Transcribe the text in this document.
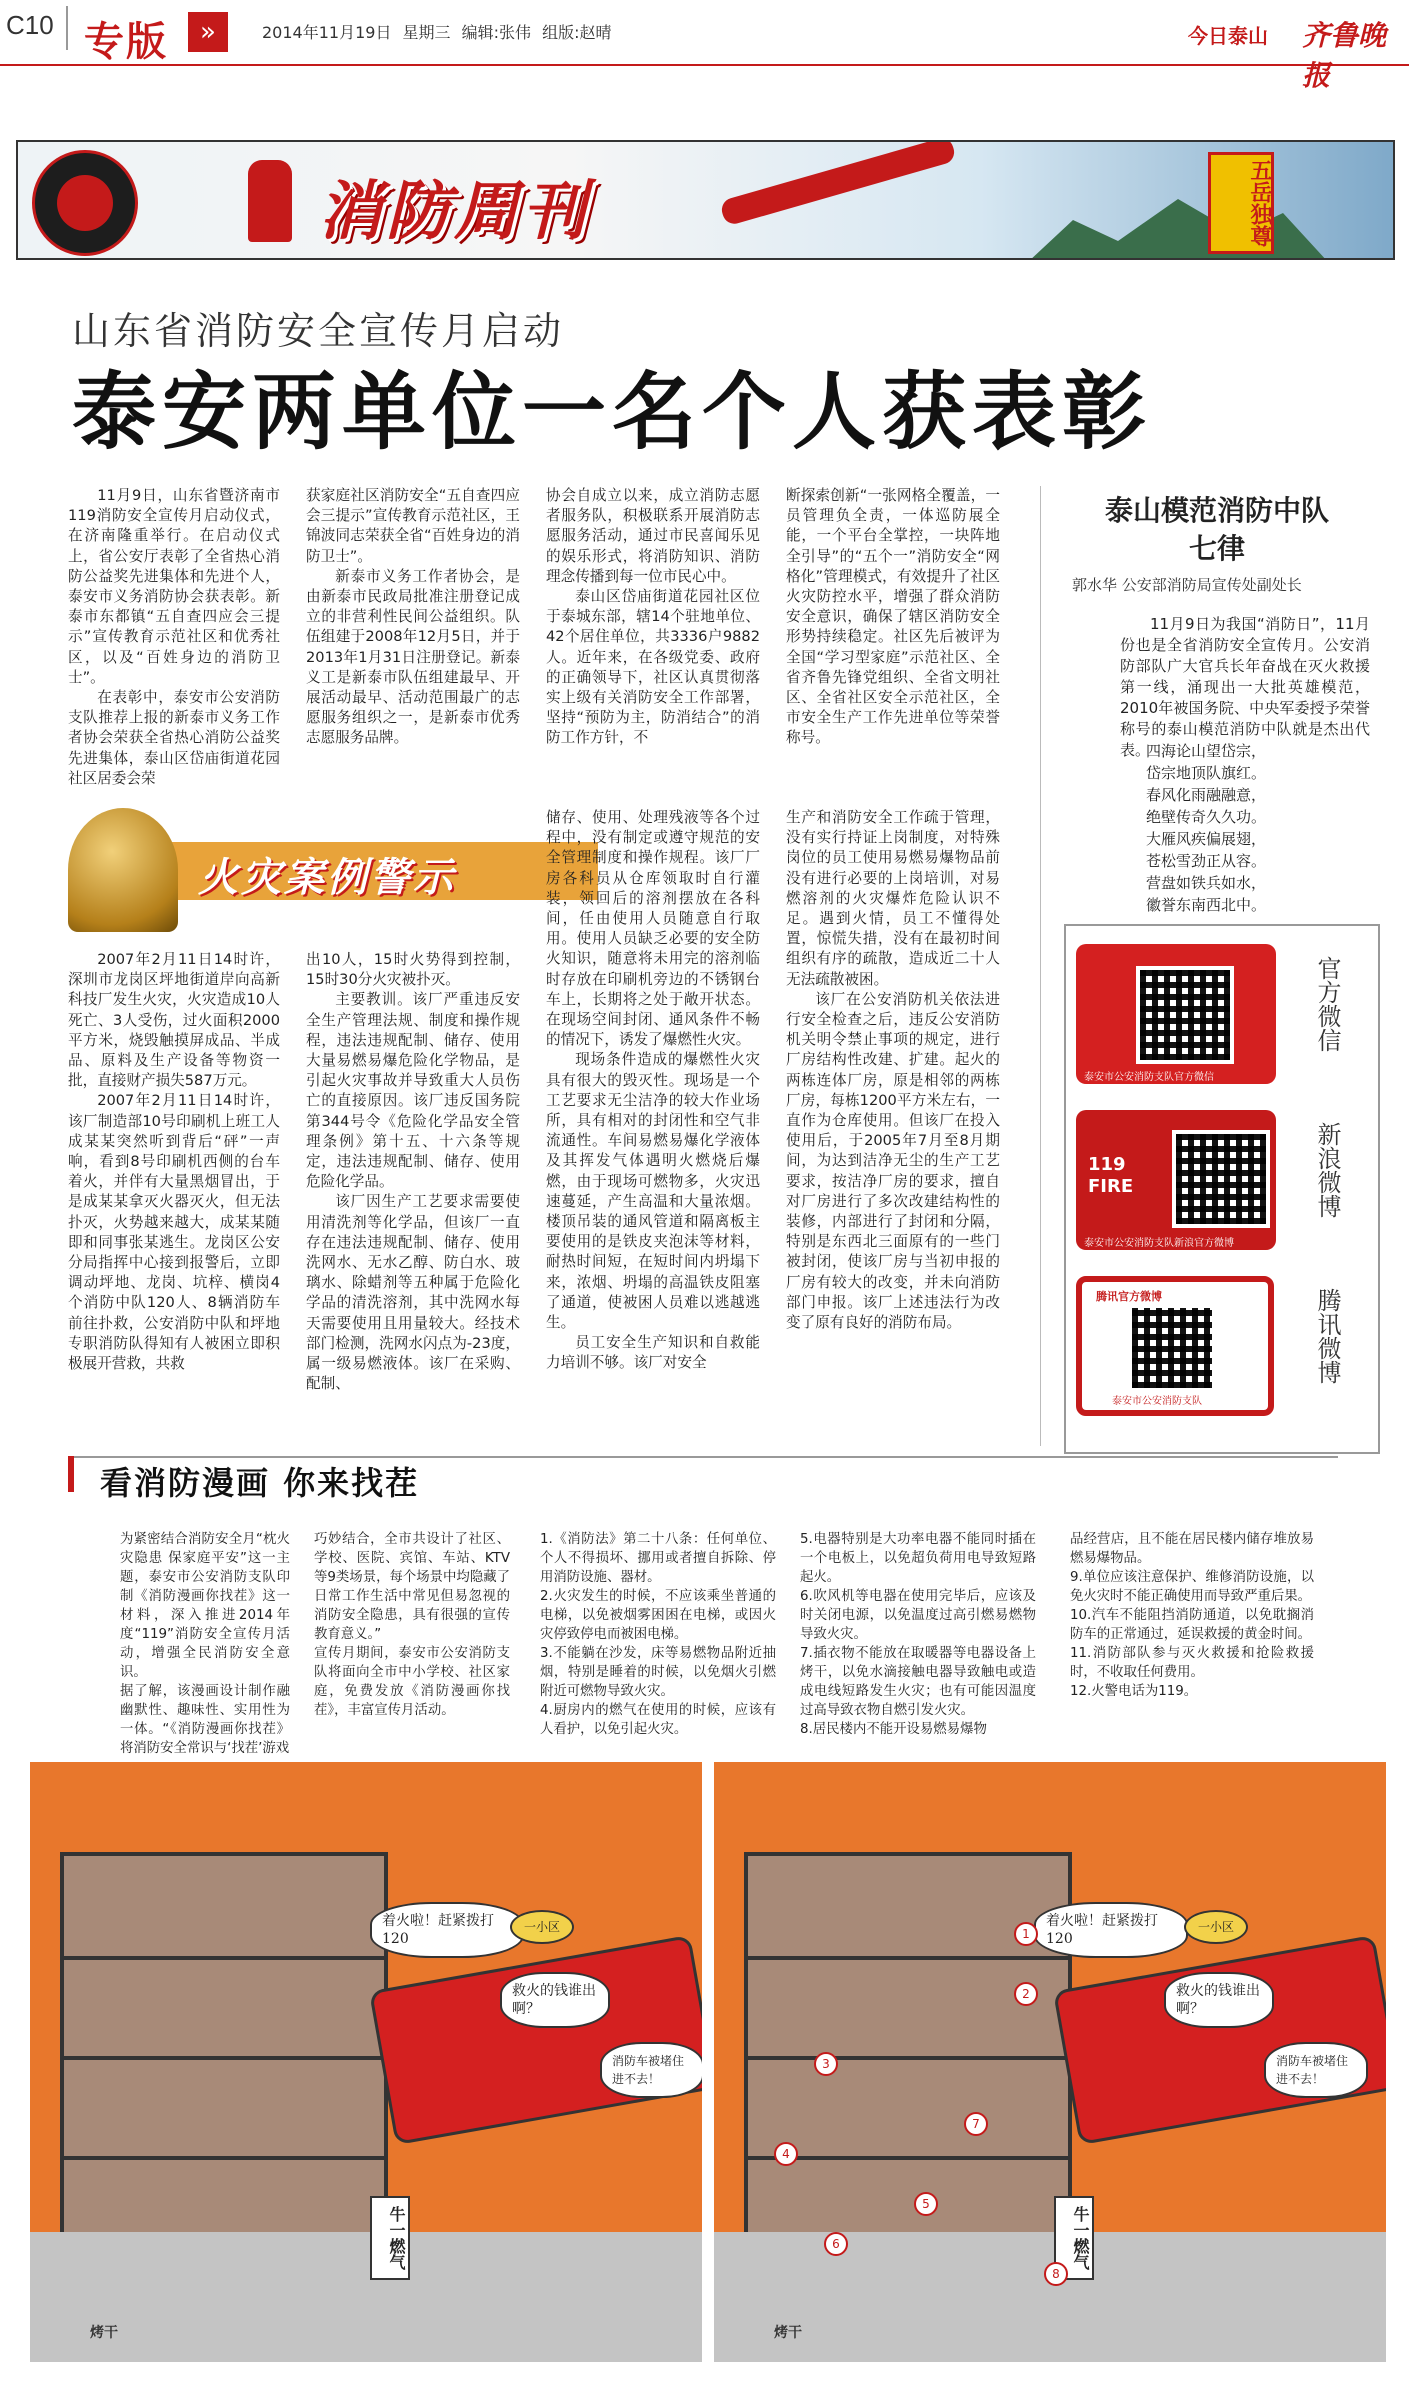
C10 专版	»	2014年11月19日 星期三 编辑:张伟 组版:赵晴	今日泰山 齐鲁晚报
消防周刊	五岳独尊
山东省消防安全宣传月启动
泰安两单位一名个人获表彰

11月9日，山东省暨济南市119消防安全宣传月启动仪式，在济南隆重举行。在启动仪式上，省公安厅表彰了全省热心消防公益奖先进集体和先进个人，泰安市义务消防协会获表彰。新泰市东都镇“五自查四应会三提示”宣传教育示范社区和优秀社区，以及“百姓身边的消防卫士”。

在表彰中，泰安市公安消防支队推荐上报的新泰市义务工作者协会荣获全省热心消防公益奖先进集体，泰山区岱庙街道花园社区居委会荣

获家庭社区消防安全“五自查四应会三提示”宣传教育示范社区，王锦波同志荣获全省“百姓身边的消防卫士”。

新泰市义务工作者协会，是由新泰市民政局批准注册登记成立的非营利性民间公益组织。队伍组建于2008年12月5日，并于2013年1月31日注册登记。新泰义工是新泰市队伍组建最早、开展活动最早、活动范围最广的志愿服务组织之一，是新泰市优秀志愿服务品牌。

协会自成立以来，成立消防志愿者服务队，积极联系开展消防志愿服务活动，通过市民喜闻乐见的娱乐形式，将消防知识、消防理念传播到每一位市民心中。

泰山区岱庙街道花园社区位于泰城东部，辖14个驻地单位、42个居住单位，共3336户9882人。近年来，在各级党委、政府的正确领导下，社区认真贯彻落实上级有关消防安全工作部署，坚持“预防为主，防消结合”的消防工作方针，不

断探索创新“一张网格全覆盖，一员管理负全责，一体巡防展全能，一个平台全掌控，一块阵地全引导”的“五个一”消防安全“网格化”管理模式，有效提升了社区火灾防控水平，增强了群众消防安全意识，确保了辖区消防安全形势持续稳定。社区先后被评为全国“学习型家庭”示范社区、全省齐鲁先锋党组织、全省文明社区、全省社区安全示范社区，全市安全生产工作先进单位等荣誉称号。

泰山模范消防中队
七律
郭水华 公安部消防局宣传处副处长

11月9日为我国“消防日”，11月份也是全省消防安全宣传月。公安消防部队广大官兵长年奋战在灭火救援第一线，涌现出一大批英雄模范，2010年被国务院、中央军委授予荣誉称号的泰山模范消防中队就是杰出代表。

四海论山望岱宗，
岱宗地顶队旗红。
春风化雨融融意，
绝壁传奇久久功。
大雁风疾偏展翅，
苍松雪劲正从容。
营盘如铁兵如水，
徽誉东南西北中。
泰安市公安消防支队官方微信
官方微信
119 FIRE
泰安市公安消防支队新浪官方微博
新浪微博
腾讯官方微博
泰安市公安消防支队
腾讯微博
火灾案例警示

2007年2月11日14时许，深圳市龙岗区坪地街道岸向高新科技厂发生火灾，火灾造成10人死亡、3人受伤，过火面积2000平方米，烧毁触摸屏成品、半成品、原料及生产设备等物资一批，直接财产损失587万元。

2007年2月11日14时许，该厂制造部10号印刷机上班工人成某某突然听到背后“砰”一声响，看到8号印刷机西侧的台车着火，并伴有大量黑烟冒出，于是成某某拿灭火器灭火，但无法扑灭，火势越来越大，成某某随即和同事张某逃生。龙岗区公安分局指挥中心接到报警后，立即调动坪地、龙岗、坑梓、横岗4个消防中队120人、8辆消防车前往扑救，公安消防中队和坪地专职消防队得知有人被困立即积极展开营救，共救

出10人，15时火势得到控制，15时30分火灾被扑灭。

主要教训。该厂严重违反安全生产管理法规、制度和操作规程，违法违规配制、储存、使用大量易燃易爆危险化学物品，是引起火灾事故并导致重大人员伤亡的直接原因。该厂违反国务院第344号令《危险化学品安全管理条例》第十五、十六条等规定，违法违规配制、储存、使用危险化学品。

该厂因生产工艺要求需要使用清洗剂等化学品，但该厂一直存在违法违规配制、储存、使用洗网水、无水乙醇、防白水、玻璃水、除蜡剂等五种属于危险化学品的清洗溶剂，其中洗网水每天需要使用且用量较大。经技术部门检测，洗网水闪点为-23度，属一级易燃液体。该厂在采购、配制、

储存、使用、处理残液等各个过程中，没有制定或遵守规范的安全管理制度和操作规程。该厂厂房各科员从仓库领取时自行灌装，领回后的溶剂摆放在各科间，任由使用人员随意自行取用。使用人员缺乏必要的安全防火知识，随意将未用完的溶剂临时存放在印刷机旁边的不锈钢台车上，长期将之处于敞开状态。在现场空间封闭、通风条件不畅的情况下，诱发了爆燃性火灾。

现场条件造成的爆燃性火灾具有很大的毁灭性。现场是一个工艺要求无尘洁净的较大作业场所，具有相对的封闭性和空气非流通性。车间易燃易爆化学液体及其挥发气体遇明火燃烧后爆燃，由于现场可燃物多，火灾迅速蔓延，产生高温和大量浓烟。楼顶吊装的通风管道和隔离板主要使用的是铁皮夹泡沫等材料，耐热时间短，在短时间内坍塌下来，浓烟、坍塌的高温铁皮阻塞了通道，使被困人员难以逃越逃生。

员工安全生产知识和自救能力培训不够。该厂对安全

生产和消防安全工作疏于管理，没有实行持证上岗制度，对特殊岗位的员工使用易燃易爆物品前没有进行必要的上岗培训，对易燃溶剂的火灾爆炸危险认识不足。遇到火情，员工不懂得处置，惊慌失措，没有在最初时间组织有序的疏散，造成近二十人无法疏散被困。

该厂在公安消防机关依法进行安全检查之后，违反公安消防机关明令禁止事项的规定，进行厂房结构性改建、扩建。起火的两栋连体厂房，原是相邻的两栋厂房，每栋1200平方米左右，一直作为仓库使用。但该厂在投入使用后，于2005年7月至8月期间，为达到洁净无尘的生产工艺要求，按洁净厂房的要求，擅自对厂房进行了多次改建结构性的装修，内部进行了封闭和分隔，特别是东西北三面原有的一些门被封闭，使该厂房与当初申报的厂房有较大的改变，并未向消防部门申报。该厂上述违法行为改变了原有良好的消防布局。

看消防漫画 你来找茬
为紧密结合消防安全月“枕火灾隐患 保家庭平安”这一主题，泰安市公安消防支队印制《消防漫画你找茬》这一材料，深入推进2014年度“119”消防安全宣传月活动，增强全民消防安全意识。
据了解，该漫画设计制作融幽默性、趣味性、实用性为一体。“《消防漫画你找茬》将消防安全常识与‘找茬’游戏
巧妙结合，全市共设计了社区、学校、医院、宾馆、车站、KTV等9类场景，每个场景中均隐藏了日常工作生活中常见但易忽视的消防安全隐患，具有很强的宣传教育意义。”
宣传月期间，泰安市公安消防支队将面向全市中小学校、社区家庭，免费发放《消防漫画你找茬》，丰富宣传月活动。
1.《消防法》第二十八条：任何单位、个人不得损坏、挪用或者擅自拆除、停用消防设施、器材。
2.火灾发生的时候，不应该乘坐普通的电梯，以免被烟雾困困在电梯，或因火灾停致停电而被困电梯。
3.不能躺在沙发，床等易燃物品附近抽烟，特别是睡着的时候，以免烟火引燃附近可燃物导致火灾。
4.厨房内的燃气在使用的时候，应该有人看护，以免引起火灾。
5.电器特别是大功率电器不能同时插在一个电板上，以免超负荷用电导致短路起火。
6.吹风机等电器在使用完毕后，应该及时关闭电源，以免温度过高引燃易燃物导致火灾。
7.插衣物不能放在取暖器等电器设备上烤干，以免水滴接触电器导致触电或造成电线短路发生火灾；也有可能因温度过高导致衣物自燃引发火灾。
8.居民楼内不能开设易燃易爆物
品经营店，且不能在居民楼内储存堆放易燃易爆物品。
9.单位应该注意保护、维修消防设施，以免火灾时不能正确使用而导致严重后果。
10.汽车不能阻挡消防通道，以免耽搁消防车的正常通过，延误救援的黄金时间。
11.消防部队参与灭火救援和抢险救援时，不收取任何费用。
12.火警电话为119。
着火啦！赶紧拨打120
救火的钱谁出啊？
消防车被堵住进不去！
一小区
牛一燃气
烤干
着火啦！赶紧拨打120
救火的钱谁出啊？
消防车被堵住进不去！
一小区
牛一燃气
烤干
1
2
3
4
5
6
7
8
